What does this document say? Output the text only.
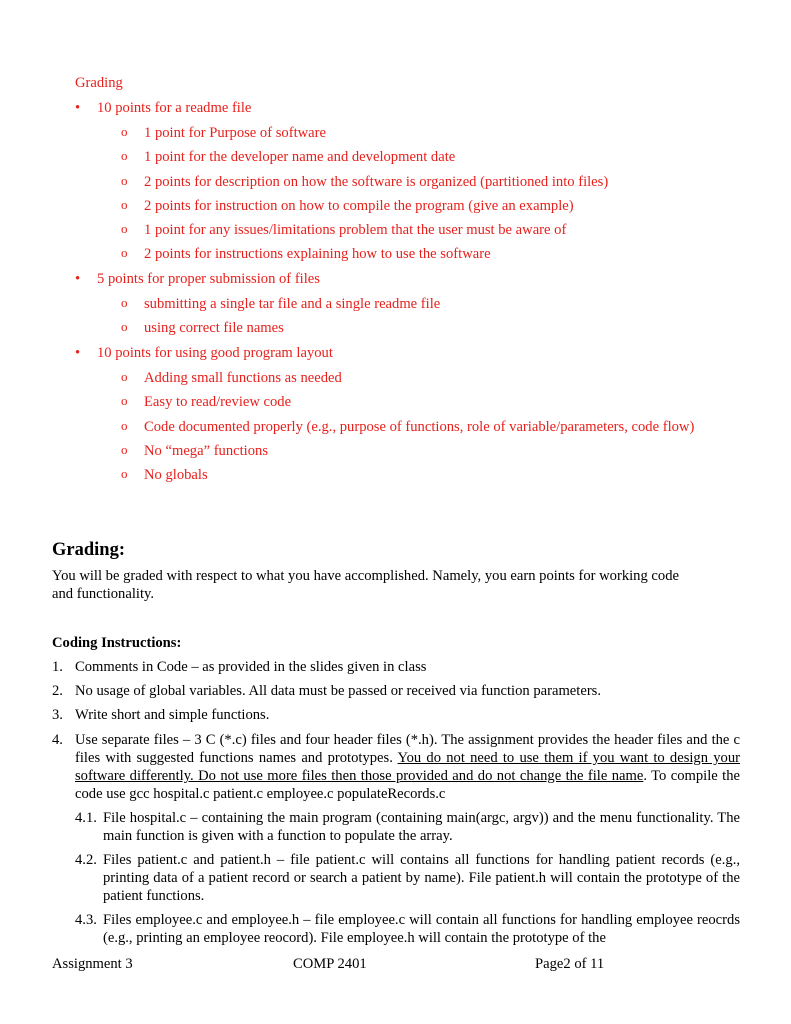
Grading
•	10 points for a readme file
o 1 point for Purpose of software
o 1 point for the developer name and development date
o 2 points for description on how the software is organized (partitioned into files)
o 2 points for instruction on how to compile the program (give an example)
o 1 point for any issues/limitations problem that the user must be aware of
o 2 points for instructions explaining how to use the software
•	5 points for proper submission of files
o submitting a single tar file and a single readme file
o using correct file names
•	10 points for using good program layout
o Adding small functions as needed
o Easy to read/review code
o Code documented properly (e.g., purpose of functions, role of variable/parameters, code flow)
o No “mega” functions
o No globals
Grading:
You will be graded with respect to what you have accomplished. Namely, you earn points for working code
and functionality.
Coding Instructions:
1. Comments in Code – as provided in the slides given in class
2. No usage of global variables. All data must be passed or received via function parameters.
3. Write short and simple functions.
4. Use separate files – 3 C (*.c) files and four header files (*.h). The assignment provides the header files and the c files with suggested functions names and prototypes. You do not need to use them if you want to design your software differently. Do not use more files then those provided and do not change the file name. To compile the code use gcc hospital.c patient.c employee.c populateRecords.c
4.1. File hospital.c – containing the main program (containing main(argc, argv)) and the menu functionality. The main function is given with a function to populate the array.
4.2. Files patient.c and patient.h – file patient.c will contains all functions for handling patient records (e.g., printing data of a patient record or search a patient by name). File patient.h will contain the prototype of the patient functions.
4.3. Files employee.c and employee.h – file employee.c will contain all functions for handling employee reocrds (e.g., printing an employee reocord). File employee.h will contain the prototype of the
Assignment 3	COMP 2401	Page2 of 11
